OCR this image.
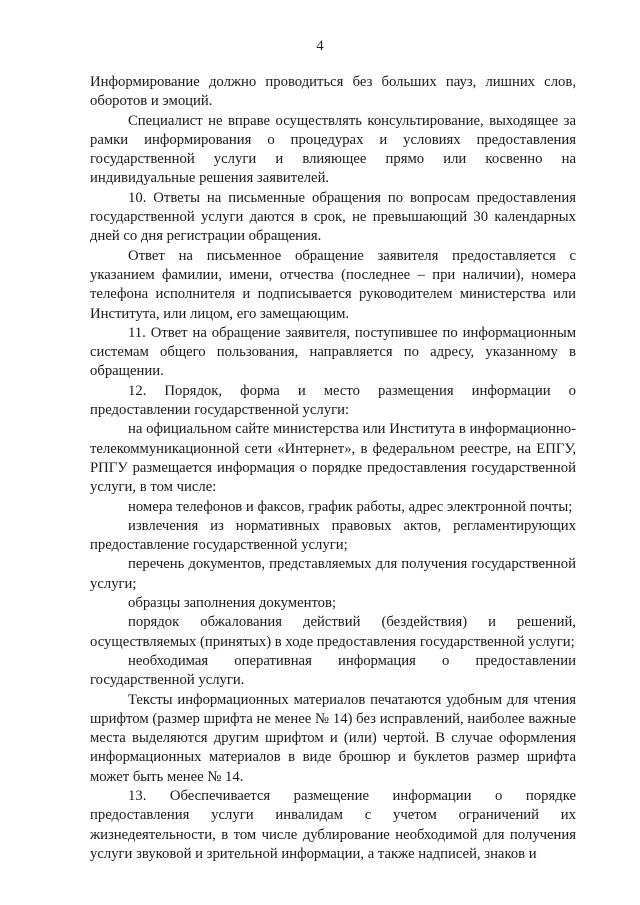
4

Информирование должно проводиться без больших пауз, лишних слов, оборотов и эмоций.

Специалист не вправе осуществлять консультирование, выходящее за рамки информирования о процедурах и условиях предоставления государственной услуги и влияющее прямо или косвенно на индивидуальные решения заявителей.

10. Ответы на письменные обращения по вопросам предоставления государственной услуги даются в срок, не превышающий 30 календарных дней со дня регистрации обращения.

Ответ на письменное обращение заявителя предоставляется с указанием фамилии, имени, отчества (последнее – при наличии), номера телефона исполнителя и подписывается руководителем министерства или Института, или лицом, его замещающим.

11. Ответ на обращение заявителя, поступившее по информационным системам общего пользования, направляется по адресу, указанному в обращении.

12. Порядок, форма и место размещения информации о предоставлении государственной услуги:

на официальном сайте министерства или Института в информационно-телекоммуникационной сети «Интернет», в федеральном реестре, на ЕПГУ, РПГУ размещается информация о порядке предоставления государственной услуги, в том числе:

номера телефонов и факсов, график работы, адрес электронной почты;

извлечения из нормативных правовых актов, регламентирующих предоставление государственной услуги;

перечень документов, представляемых для получения государственной услуги;

образцы заполнения документов;

порядок обжалования действий (бездействия) и решений, осуществляемых (принятых) в ходе предоставления государственной услуги;

необходимая оперативная информация о предоставлении государственной услуги.

Тексты информационных материалов печатаются удобным для чтения шрифтом (размер шрифта не менее № 14) без исправлений, наиболее важные места выделяются другим шрифтом и (или) чертой. В случае оформления информационных материалов в виде брошюр и буклетов размер шрифта может быть менее № 14.

13. Обеспечивается размещение информации о порядке предоставления услуги инвалидам с учетом ограничений их жизнедеятельности, в том числе дублирование необходимой для получения услуги звуковой и зрительной информации, а также надписей, знаков и
